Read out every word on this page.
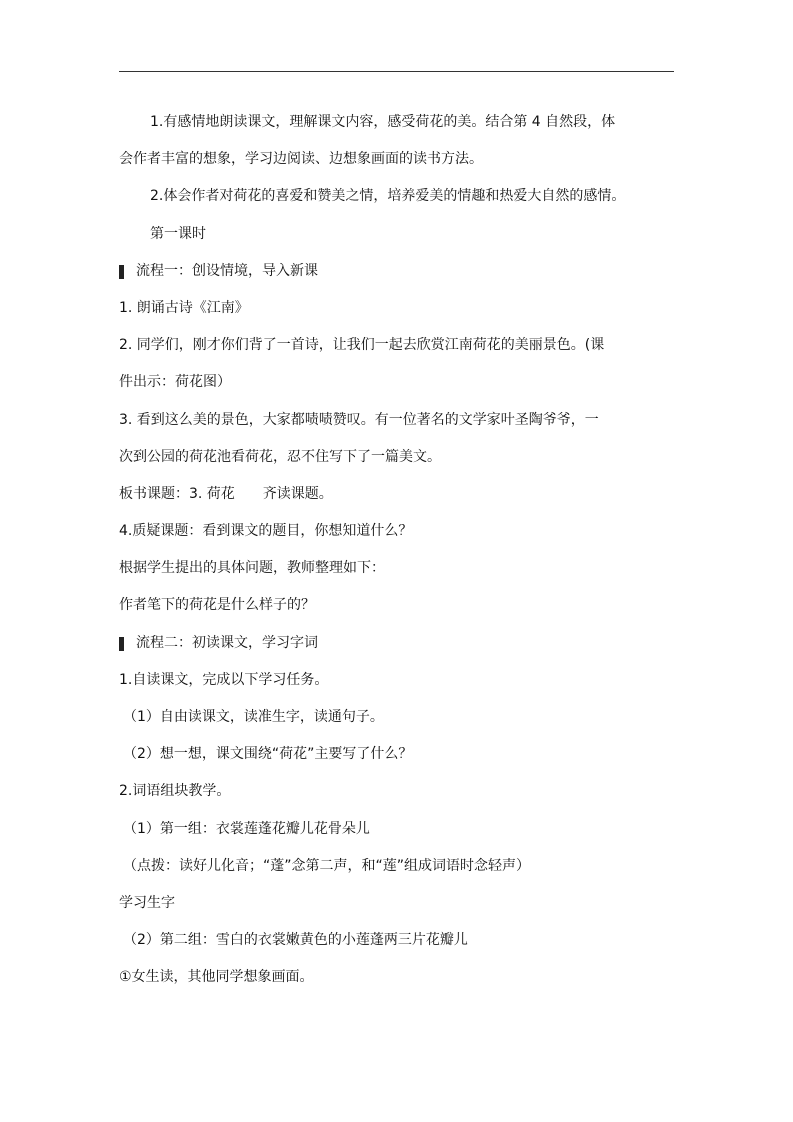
1.有感情地朗读课文，理解课文内容，感受荷花的美。结合第 4 自然段，体
会作者丰富的想象，学习边阅读、边想象画面的读书方法。
2.体会作者对荷花的喜爱和赞美之情，培养爱美的情趣和热爱大自然的感情。
第一课时
流程一：创设情境，导入新课
1. 朗诵古诗《江南》
2. 同学们，刚才你们背了一首诗，让我们一起去欣赏江南荷花的美丽景色。(课
件出示：荷花图）
3. 看到这么美的景色，大家都啧啧赞叹。有一位著名的文学家叶圣陶爷爷，一
次到公园的荷花池看荷花，忍不住写下了一篇美文。
板书课题：3. 荷花　　齐读课题。
4.质疑课题：看到课文的题目，你想知道什么？
根据学生提出的具体问题，教师整理如下：
作者笔下的荷花是什么样子的？
流程二：初读课文，学习字词
1.自读课文，完成以下学习任务。
（1）自由读课文，读准生字，读通句子。
（2）想一想，课文围绕“荷花”主要写了什么？
2.词语组块教学。
（1）第一组：衣裳莲蓬花瓣儿花骨朵儿
（点拨：读好儿化音；“蓬”念第二声，和“莲”组成词语时念轻声）
学习生字
（2）第二组：雪白的衣裳嫩黄色的小莲蓬两三片花瓣儿
①女生读，其他同学想象画面。
